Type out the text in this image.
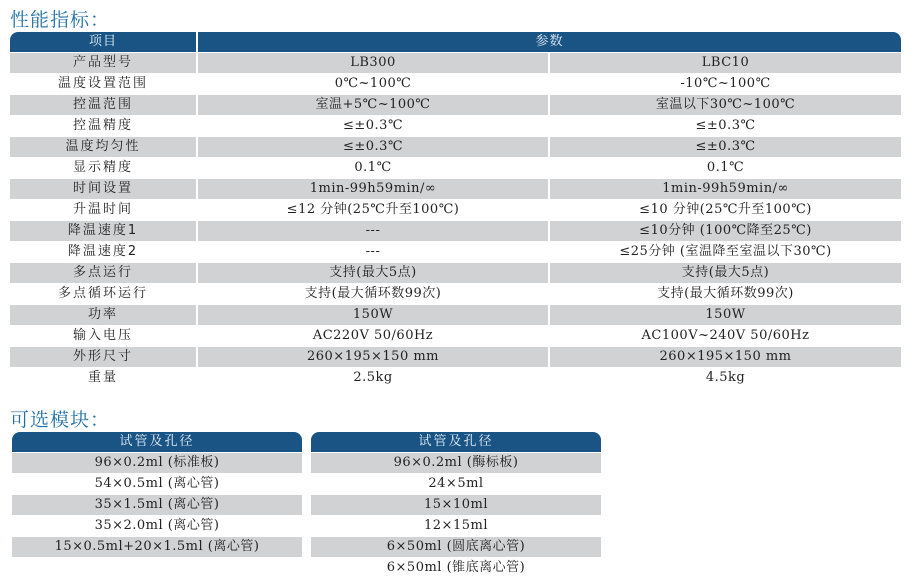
性能指标：
项目	参数	
产品型号	LB300	LBC10
温度设置范围	0℃~100℃	-10℃~100℃
控温范围	室温+5℃~100℃	室温以下30℃~100℃
控温精度	≤±0.3℃	≤±0.3℃
温度均匀性	≤±0.3℃	≤±0.3℃
显示精度	0.1℃	0.1℃
时间设置	1min-99h59min/∞	1min-99h59min/∞
升温时间	≤12 分钟(25℃升至100℃)	≤10 分钟(25℃升至100℃)
降温速度1	---	≤10分钟 (100℃降至25℃)
降温速度2	---	≤25分钟 (室温降至室温以下30℃)
多点运行	支持(最大5点)	支持(最大5点)
多点循环运行	支持(最大循环数99次)	支持(最大循环数99次)
功率	150W	150W
输入电压	AC220V 50/60Hz	AC100V~240V 50/60Hz
外形尺寸	260×195×150 mm	260×195×150 mm
重量	2.5kg	4.5kg
可选模块：
试管及孔径
96×0.2ml (标准板)
54×0.5ml (离心管)
35×1.5ml (离心管)
35×2.0ml (离心管)
15×0.5ml+20×1.5ml (离心管)
试管及孔径
96×0.2ml (酶标板)
24×5ml
15×10ml
12×15ml
6×50ml (圆底离心管)
6×50ml (锥底离心管)
